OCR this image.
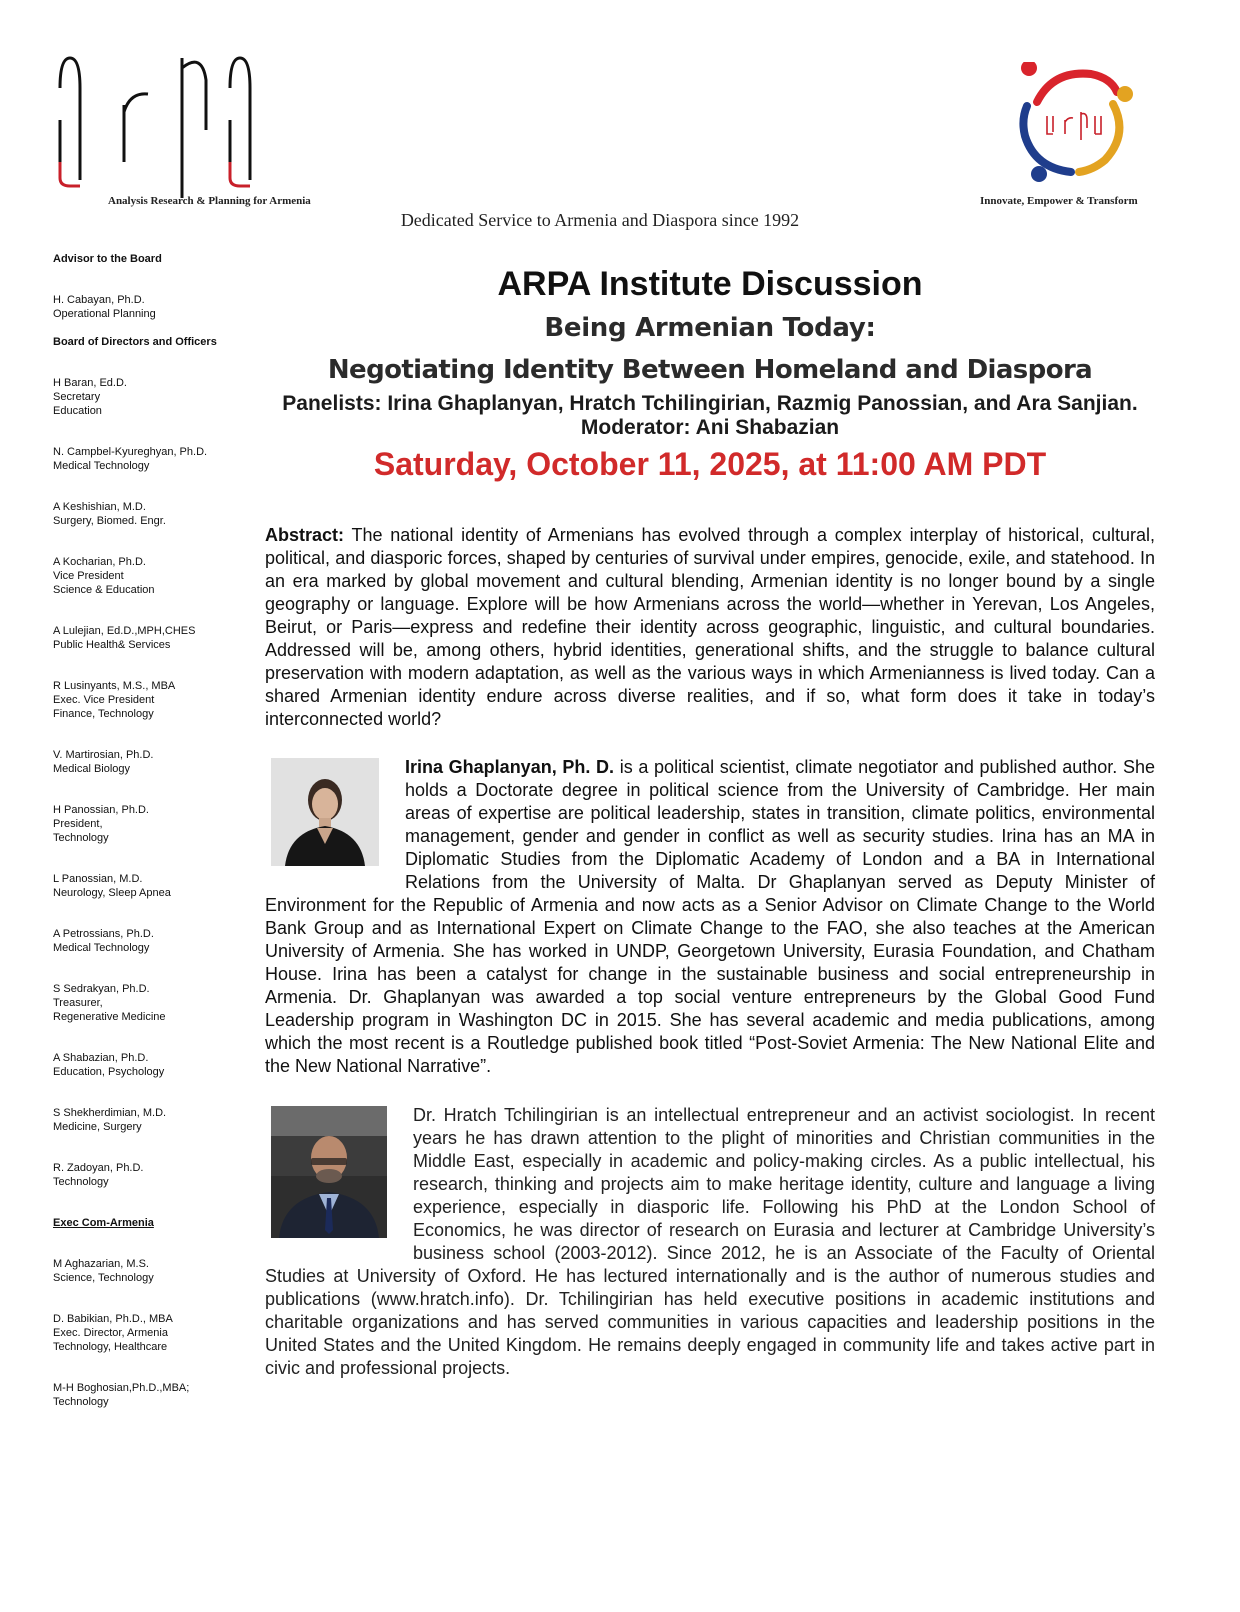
Analysis Research & Planning for Armenia	Innovate, Empower & Transform
Dedicated Service to Armenia and Diaspora since 1992
Advisor to the Board
H. Cabayan, Ph.D.
Operational Planning
Board of Directors and Officers
H Baran, Ed.D.
Secretary
Education
N. Campbel-Kyureghyan, Ph.D.
Medical Technology
A Keshishian, M.D.
Surgery, Biomed. Engr.
A Kocharian, Ph.D.
Vice President
Science & Education
A Lulejian, Ed.D.,MPH,CHES
Public Health& Services
R Lusinyants, M.S., MBA
Exec. Vice President
Finance, Technology
V. Martirosian, Ph.D.
Medical Biology
H Panossian, Ph.D.
President,
Technology
L Panossian, M.D.
Neurology, Sleep Apnea
A Petrossians, Ph.D.
Medical Technology
S Sedrakyan, Ph.D.
Treasurer,
Regenerative Medicine
A Shabazian, Ph.D.
Education, Psychology
S Shekherdimian, M.D.
Medicine, Surgery
R. Zadoyan, Ph.D.
Technology
Exec Com-Armenia
M Aghazarian, M.S.
Science, Technology
D. Babikian, Ph.D., MBA
Exec. Director, Armenia
Technology, Healthcare
M-H Boghosian,Ph.D.,MBA;
Technology
ARPA Institute Discussion
Being Armenian Today:
Negotiating Identity Between Homeland and Diaspora
Panelists: Irina Ghaplanyan, Hratch Tchilingirian, Razmig Panossian, and Ara Sanjian. Moderator: Ani Shabazian
Saturday, October 11, 2025, at 11:00 AM PDT
Abstract: The national identity of Armenians has evolved through a complex interplay of historical, cultural, political, and diasporic forces, shaped by centuries of survival under empires, genocide, exile, and statehood. In an era marked by global movement and cultural blending, Armenian identity is no longer bound by a single geography or language. Explore will be how Armenians across the world—whether in Yerevan, Los Angeles, Beirut, or Paris—express and redefine their identity across geographic, linguistic, and cultural boundaries. Addressed will be, among others, hybrid identities, generational shifts, and the struggle to balance cultural preservation with modern adaptation, as well as the various ways in which Armenianness is lived today. Can a shared Armenian identity endure across diverse realities, and if so, what form does it take in today’s interconnected world?
Irina Ghaplanyan, Ph. D. is a political scientist, climate negotiator and published author. She holds a Doctorate degree in political science from the University of Cambridge. Her main areas of expertise are political leadership, states in transition, climate politics, environmental management, gender and gender in conflict as well as security studies. Irina has an MA in Diplomatic Studies from the Diplomatic Academy of London and a BA in International Relations from the University of Malta. Dr Ghaplanyan served as Deputy Minister of Environment for the Republic of Armenia and now acts as a Senior Advisor on Climate Change to the World Bank Group and as International Expert on Climate Change to the FAO, she also teaches at the American University of Armenia. She has worked in UNDP, Georgetown University, Eurasia Foundation, and Chatham House. Irina has been a catalyst for change in the sustainable business and social entrepreneurship in Armenia. Dr. Ghaplanyan was awarded a top social venture entrepreneurs by the Global Good Fund Leadership program in Washington DC in 2015. She has several academic and media publications, among which the most recent is a Routledge published book titled “Post-Soviet Armenia: The New National Elite and the New National Narrative”.
Dr. Hratch Tchilingirian is an intellectual entrepreneur and an activist sociologist. In recent years he has drawn attention to the plight of minorities and Christian communities in the Middle East, especially in academic and policy-making circles. As a public intellectual, his research, thinking and projects aim to make heritage identity, culture and language a living experience, especially in diasporic life. Following his PhD at the London School of Economics, he was director of research on Eurasia and lecturer at Cambridge University’s business school (2003-2012). Since 2012, he is an Associate of the Faculty of Oriental Studies at University of Oxford. He has lectured internationally and is the author of numerous studies and publications (www.hratch.info). Dr. Tchilingirian has held executive positions in academic institutions and charitable organizations and has served communities in various capacities and leadership positions in the United States and the United Kingdom. He remains deeply engaged in community life and takes active part in civic and professional projects.
